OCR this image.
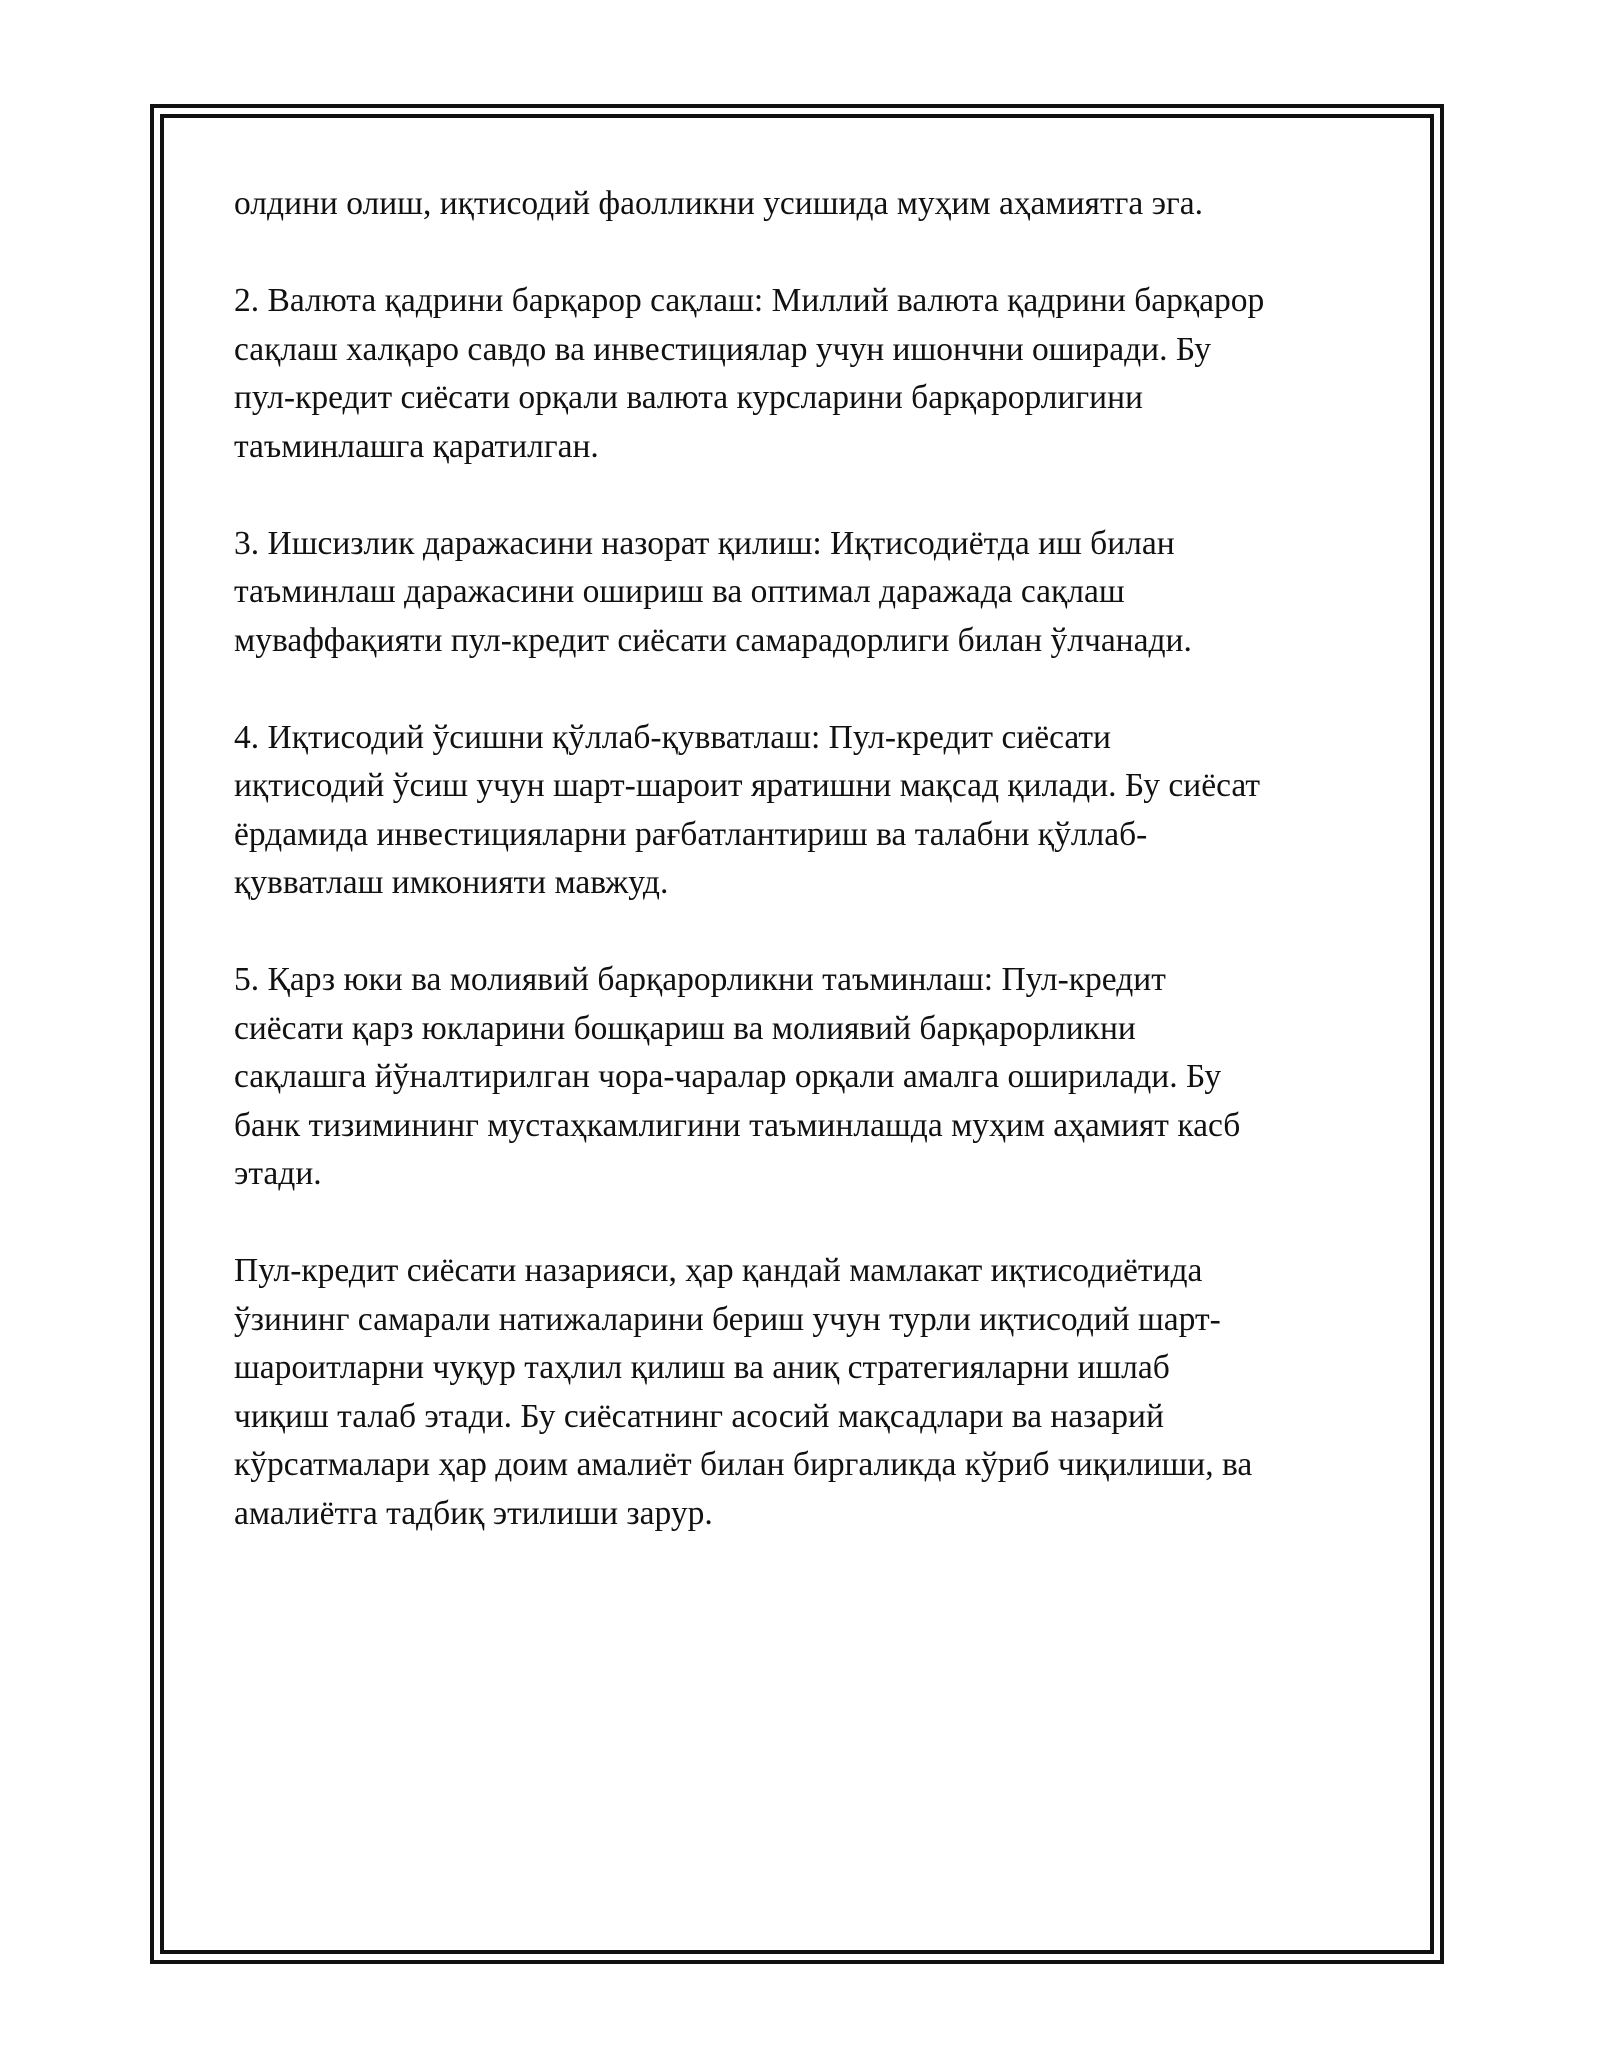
олдини олиш, иқтисодий фаолликни усишида муҳим аҳамиятга эга.

2. Валюта қадрини барқарор сақлаш: Миллий валюта қадрини барқарор
сақлаш халқаро савдо ва инвестициялар учун ишончни оширади. Бу
пул-кредит сиёсати орқали валюта курсларини барқарорлигини
таъминлашга қаратилган.

3. Ишсизлик даражасини назорат қилиш: Иқтисодиётда иш билан
таъминлаш даражасини ошириш ва оптимал даражада сақлаш
муваффақияти пул-кредит сиёсати самарадорлиги билан ўлчанади.

4. Иқтисодий ўсишни қўллаб-қувватлаш: Пул-кредит сиёсати
иқтисодий ўсиш учун шарт-шароит яратишни мақсад қилади. Бу сиёсат
ёрдамида инвестицияларни рағбатлантириш ва талабни қўллаб-
қувватлаш имконияти мавжуд.

5. Қарз юки ва молиявий барқарорликни таъминлаш: Пул-кредит
сиёсати қарз юкларини бошқариш ва молиявий барқарорликни
сақлашга йўналтирилган чора-чаралар орқали амалга оширилади. Бу
банк тизимининг мустаҳкамлигини таъминлашда муҳим аҳамият касб
этади.

Пул-кредит сиёсати назарияси, ҳар қандай мамлакат иқтисодиётида
ўзининг самарали натижаларини бериш учун турли иқтисодий шарт-
шароитларни чуқур таҳлил қилиш ва аниқ стратегияларни ишлаб
чиқиш талаб этади. Бу сиёсатнинг асосий мақсадлари ва назарий
кўрсатмалари ҳар доим амалиёт билан биргаликда кўриб чиқилиши, ва
амалиётга тадбиқ этилиши зарур.
